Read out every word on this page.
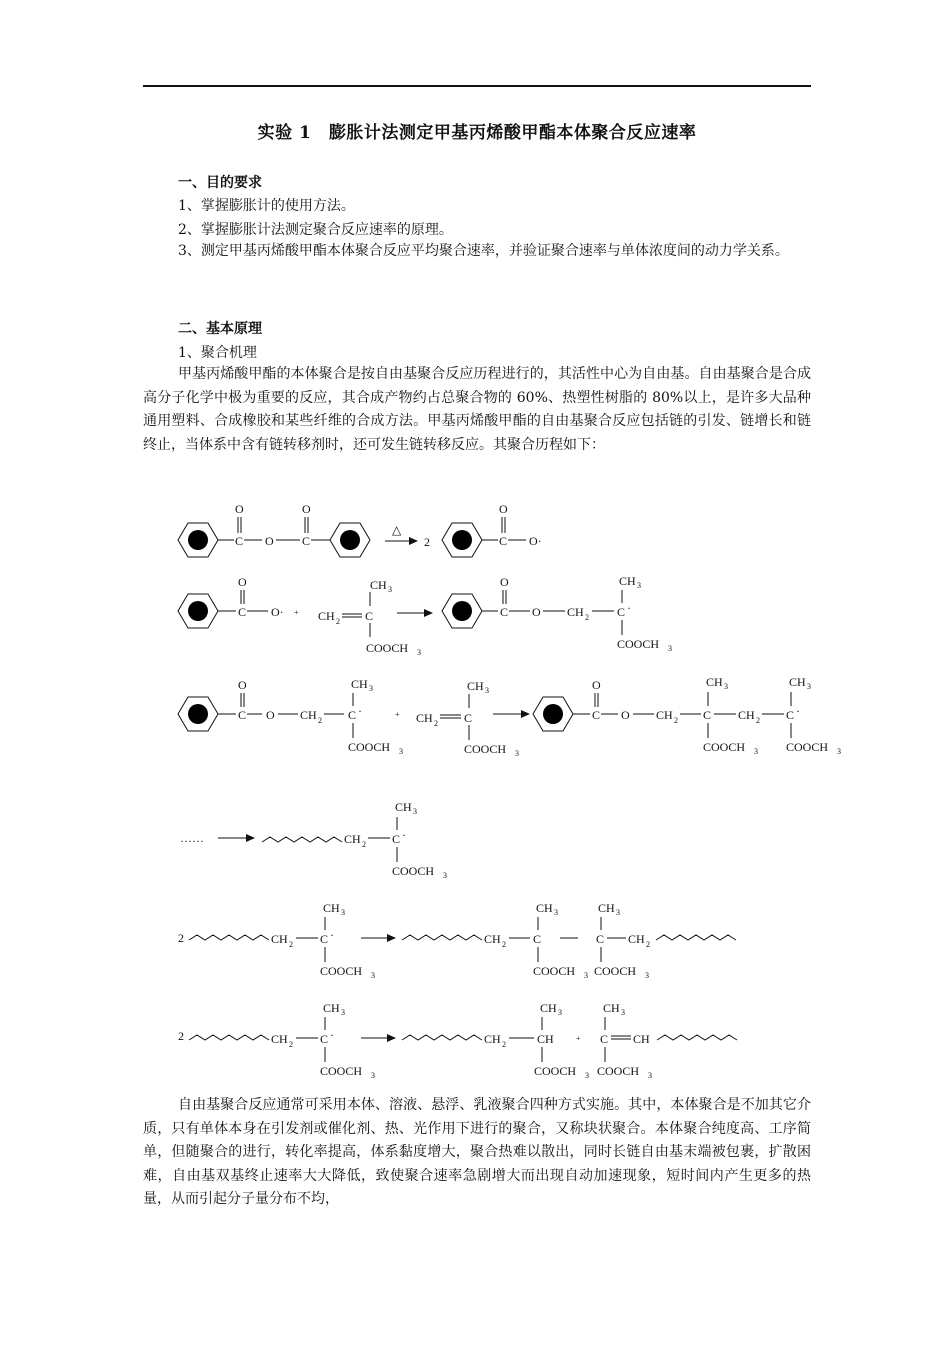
实验 1　膨胀计法测定甲基丙烯酸甲酯本体聚合反应速率
一、目的要求
1、掌握膨胀计的使用方法。
2、掌握膨胀计法测定聚合反应速率的原理。
3、测定甲基丙烯酸甲酯本体聚合反应平均聚合速率，并验证聚合速率与单体浓度间的动力学关系。
二、基本原理
1、聚合机理
甲基丙烯酸甲酯的本体聚合是按自由基聚合反应历程进行的，其活性中心为自由基。自由基聚合是合成高分子化学中极为重要的反应，其合成产物约占总聚合物的 60%、热塑性树脂的 80%以上，是许多大品种通用塑料、合成橡胶和某些纤维的合成方法。甲基丙烯酸甲酯的自由基聚合反应包括链的引发、链增长和链终止，当体系中含有链转移剂时，还可发生链转移反应。其聚合历程如下：
C
O
O C
O
△
2	C
O
O·
C
O
O· + CH 2 C
CH 3
COOCH 3
C
O
O CH 2 C ·
CH 3
COOCH 3
C
O
O CH 2 C ·
CH 3
COOCH 3
+ CH 2 C
CH 3
COOCH 3
C
O
O CH 2 C
CH 3
COOCH 3
CH 2 C ·
CH 3
COOCH 3
……	CH 2 C ·
CH 3
COOCH 3
2	CH 2 C ·
CH 3
COOCH 3
CH 2 C
CH 3
COOCH 3
C
CH 3
COOCH 3
CH 2
2	CH 2 C ·
CH 3
COOCH 3
CH 2	CH
CH 3
COOCH 3
+ C
CH 3
COOCH 3
CH
自由基聚合反应通常可采用本体、溶液、悬浮、乳液聚合四种方式实施。其中，本体聚合是不加其它介质，只有单体本身在引发剂或催化剂、热、光作用下进行的聚合，又称块状聚合。本体聚合纯度高、工序简单，但随聚合的进行，转化率提高，体系黏度增大，聚合热难以散出，同时长链自由基末端被包裹，扩散困难，自由基双基终止速率大大降低，致使聚合速率急剧增大而出现自动加速现象，短时间内产生更多的热量，从而引起分子量分布不均，
